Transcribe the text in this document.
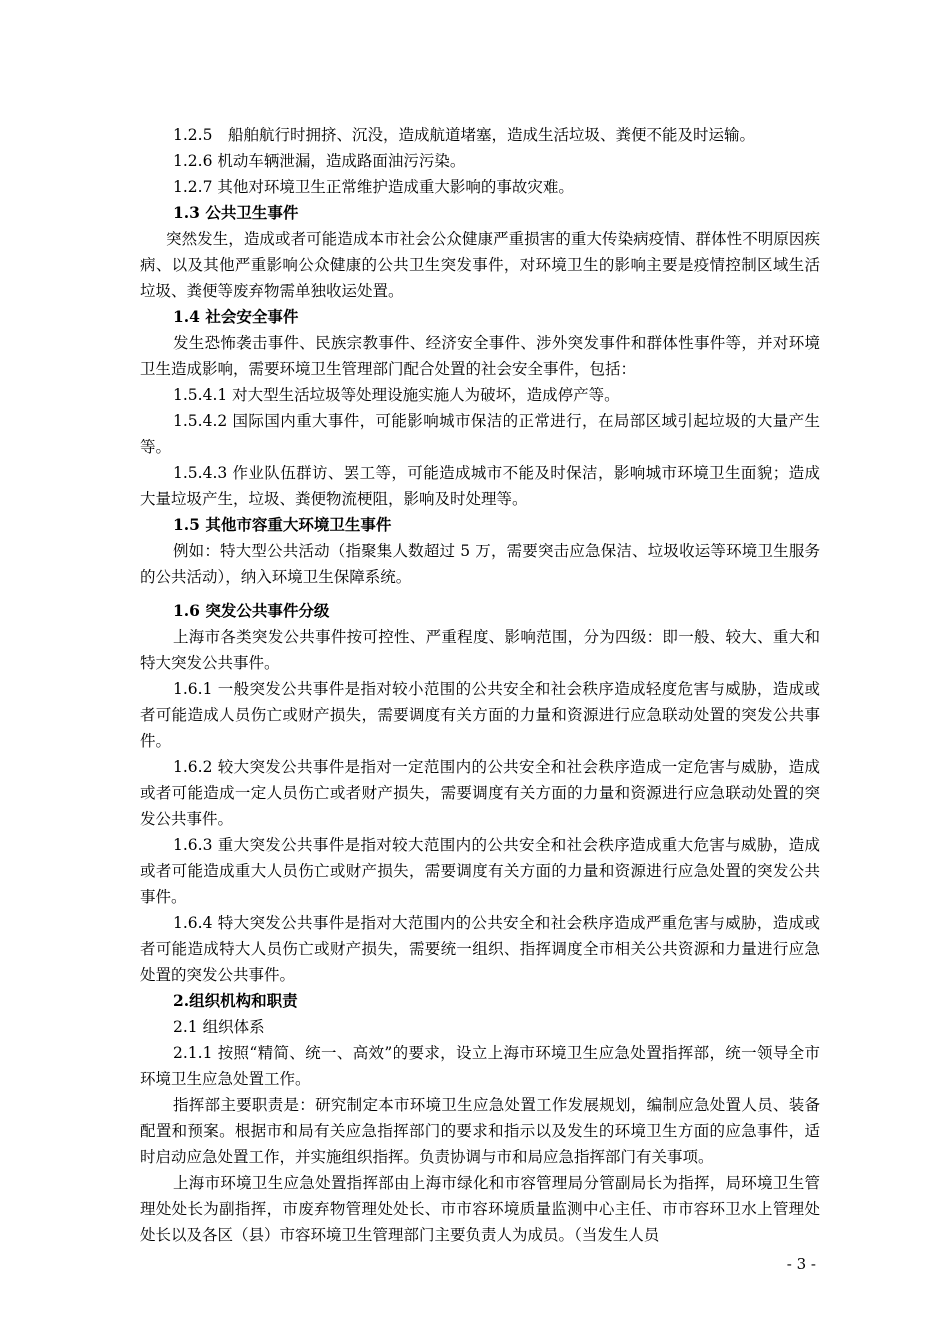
1.2.5　船舶航行时拥挤、沉没，造成航道堵塞，造成生活垃圾、粪便不能及时运输。

1.2.6 机动车辆泄漏，造成路面油污污染。

1.2.7 其他对环境卫生正常维护造成重大影响的事故灾难。

1.3 公共卫生事件

突然发生，造成或者可能造成本市社会公众健康严重损害的重大传染病疫情、群体性不明原因疾病、以及其他严重影响公众健康的公共卫生突发事件，对环境卫生的影响主要是疫情控制区域生活垃圾、粪便等废弃物需单独收运处置。

1.4 社会安全事件

发生恐怖袭击事件、民族宗教事件、经济安全事件、涉外突发事件和群体性事件等，并对环境卫生造成影响，需要环境卫生管理部门配合处置的社会安全事件，包括：

1.5.4.1 对大型生活垃圾等处理设施实施人为破坏，造成停产等。

1.5.4.2 国际国内重大事件，可能影响城市保洁的正常进行，在局部区域引起垃圾的大量产生等。

1.5.4.3 作业队伍群访、罢工等，可能造成城市不能及时保洁，影响城市环境卫生面貌；造成大量垃圾产生，垃圾、粪便物流梗阻，影响及时处理等。

1.5 其他市容重大环境卫生事件

例如：特大型公共活动（指聚集人数超过 5 万，需要突击应急保洁、垃圾收运等环境卫生服务的公共活动），纳入环境卫生保障系统。

1.6 突发公共事件分级

上海市各类突发公共事件按可控性、严重程度、影响范围，分为四级：即一般、较大、重大和特大突发公共事件。

1.6.1 一般突发公共事件是指对较小范围的公共安全和社会秩序造成轻度危害与威胁，造成或者可能造成人员伤亡或财产损失，需要调度有关方面的力量和资源进行应急联动处置的突发公共事件。

1.6.2 较大突发公共事件是指对一定范围内的公共安全和社会秩序造成一定危害与威胁，造成或者可能造成一定人员伤亡或者财产损失，需要调度有关方面的力量和资源进行应急联动处置的突发公共事件。

1.6.3 重大突发公共事件是指对较大范围内的公共安全和社会秩序造成重大危害与威胁，造成或者可能造成重大人员伤亡或财产损失，需要调度有关方面的力量和资源进行应急处置的突发公共事件。

1.6.4 特大突发公共事件是指对大范围内的公共安全和社会秩序造成严重危害与威胁，造成或者可能造成特大人员伤亡或财产损失，需要统一组织、指挥调度全市相关公共资源和力量进行应急处置的突发公共事件。

2.组织机构和职责

2.1 组织体系

2.1.1 按照“精简、统一、高效”的要求，设立上海市环境卫生应急处置指挥部，统一领导全市环境卫生应急处置工作。

指挥部主要职责是：研究制定本市环境卫生应急处置工作发展规划，编制应急处置人员、装备配置和预案。根据市和局有关应急指挥部门的要求和指示以及发生的环境卫生方面的应急事件，适时启动应急处置工作，并实施组织指挥。负责协调与市和局应急指挥部门有关事项。

上海市环境卫生应急处置指挥部由上海市绿化和市容管理局分管副局长为指挥，局环境卫生管理处处长为副指挥，市废弃物管理处处长、市市容环境质量监测中心主任、市市容环卫水上管理处处长以及各区（县）市容环境卫生管理部门主要负责人为成员。（当发生人员

- 3 -
